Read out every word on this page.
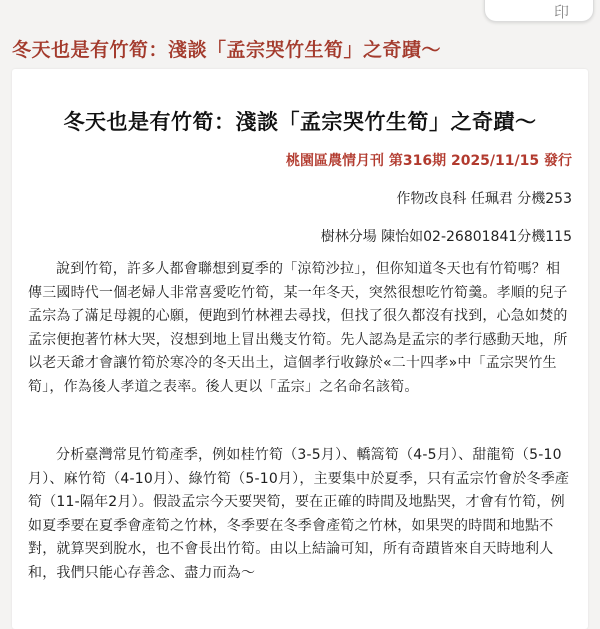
印
冬天也是有竹筍：淺談「孟宗哭竹生筍」之奇蹟～
冬天也是有竹筍：淺談「孟宗哭竹生筍」之奇蹟～
桃園區農情月刊 第316期 2025/11/15 發行
作物改良科 任珮君 分機253
樹林分場 陳怡如02-26801841分機115
說到竹筍，許多人都會聯想到夏季的「涼筍沙拉」，但你知道冬天也有竹筍嗎？相傳三國時代一個老婦人非常喜愛吃竹筍，某一年冬天，突然很想吃竹筍羹。孝順的兒子孟宗為了滿足母親的心願，便跑到竹林裡去尋找，但找了很久都沒有找到，心急如焚的孟宗便抱著竹林大哭，沒想到地上冒出幾支竹筍。先人認為是孟宗的孝行感動天地，所以老天爺才會讓竹筍於寒冷的冬天出土，這個孝行收錄於«二十四孝»中「孟宗哭竹生筍」，作為後人孝道之表率。後人更以「孟宗」之名命名該筍。
分析臺灣常見竹筍產季，例如桂竹筍（3-5月）、轎篙筍（4-5月）、甜龍筍（5-10月）、麻竹筍（4-10月）、綠竹筍（5-10月），主要集中於夏季，只有孟宗竹會於冬季產筍（11-隔年2月）。假設孟宗今天要哭筍，要在正確的時間及地點哭，才會有竹筍，例如夏季要在夏季會產筍之竹林，冬季要在冬季會產筍之竹林，如果哭的時間和地點不對，就算哭到脫水，也不會長出竹筍。由以上結論可知，所有奇蹟皆來自天時地利人和，我們只能心存善念、盡力而為～
